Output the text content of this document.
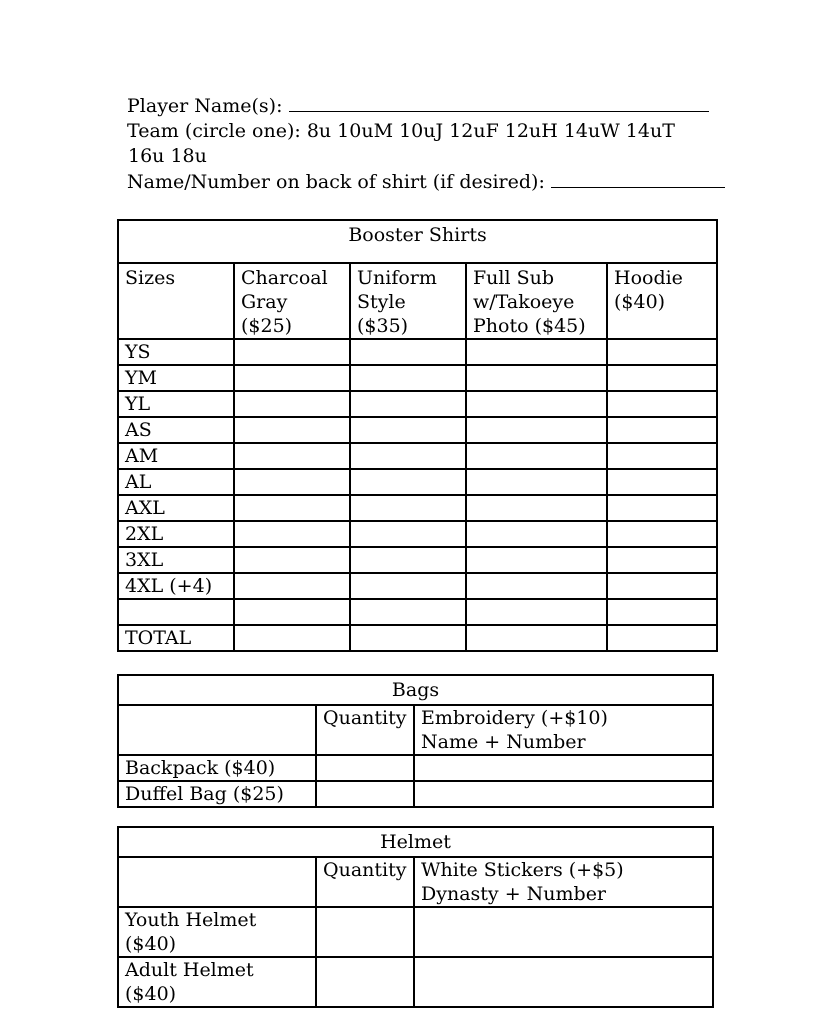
Player Name(s):
Team (circle one): 8u 10uM 10uJ 12uF 12uH 14uW 14uT
16u 18u
Name/Number on back of shirt (if desired):
Booster Shirts				
Sizes	Charcoal Gray ($25)	Uniform Style ($35)	Full Sub w/Takoeye Photo ($45)	Hoodie ($40)
YS				
YM				
YL				
AS				
AM				
AL				
AXL				
2XL				
3XL				
4XL (+4)				

TOTAL				
Bags		
	Quantity	Embroidery (+$10)
Name + Number
Backpack ($40)		
Duffel Bag ($25)		
Helmet		
	Quantity	White Stickers (+$5)
Dynasty + Number
Youth Helmet ($40)		
Adult Helmet ($40)		
